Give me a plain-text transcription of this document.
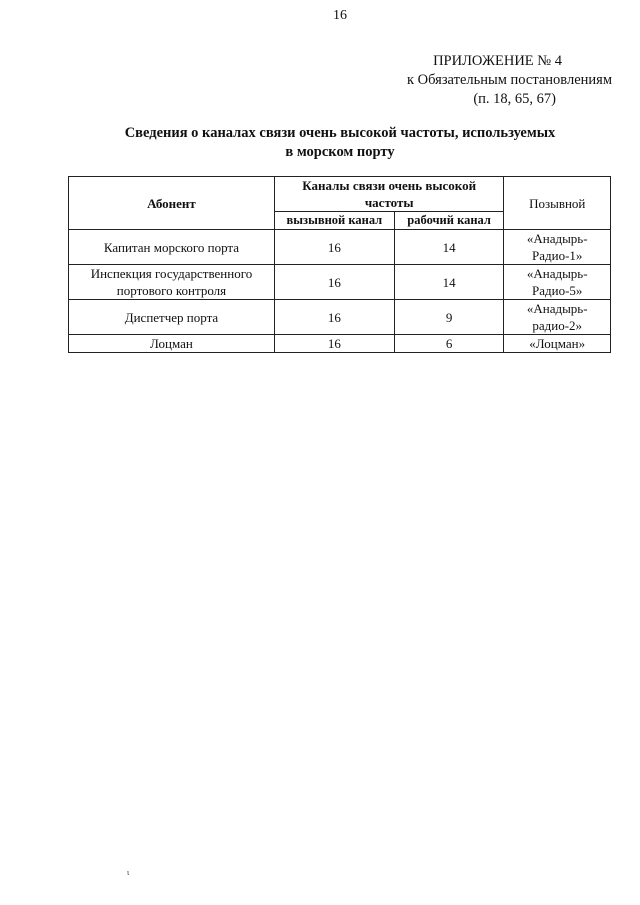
16
ПРИЛОЖЕНИЕ № 4
к Обязательным постановлениям
(п. 18, 65, 67)
Сведения о каналах связи очень высокой частоты, используемых
в морском порту
Абонент	Каналы связи очень высокой частоты		Позывной
	вызывной канал	рабочий канал	
Капитан морского порта	16	14	«Анадырь-Радио-1»
Инспекция государственного портового контроля	16	14	«Анадырь-Радио-5»
Диспетчер порта	16	9	«Анадырь-радио-2»
Лоцман	16	6	«Лоцман»
ι
